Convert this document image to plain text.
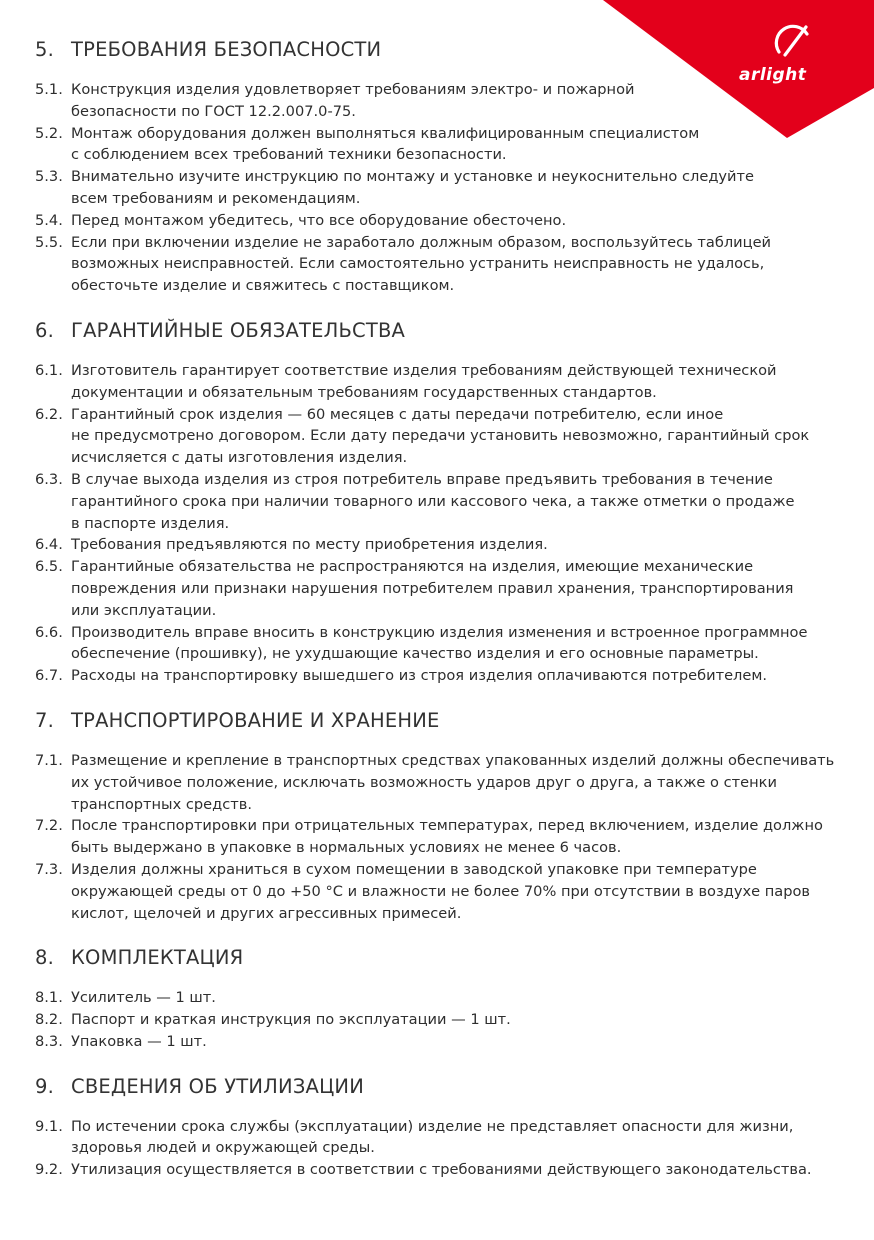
arlight
5. ТРЕБОВАНИЯ БЕЗОПАСНОСТИ
5.1. Конструкция изделия удовлетворяет требованиям электро- и пожарной
безопасности по ГОСТ 12.2.007.0-75.
5.2. Монтаж оборудования должен выполняться квалифицированным специалистом
с соблюдением всех требований техники безопасности.
5.3. Внимательно изучите инструкцию по монтажу и установке и неукоснительно следуйте
всем требованиям и рекомендациям.
5.4. Перед монтажом убедитесь, что все оборудование обесточено.
5.5. Если при включении изделие не заработало должным образом, воспользуйтесь таблицей
возможных неисправностей. Если самостоятельно устранить неисправность не удалось,
обесточьте изделие и свяжитесь с поставщиком.
6. ГАРАНТИЙНЫЕ ОБЯЗАТЕЛЬСТВА
6.1. Изготовитель гарантирует соответствие изделия требованиям действующей технической
документации и обязательным требованиям государственных стандартов.
6.2. Гарантийный срок изделия — 60 месяцев с даты передачи потребителю, если иное
не предусмотрено договором. Если дату передачи установить невозможно, гарантийный срок
исчисляется с даты изготовления изделия.
6.3. В случае выхода изделия из строя потребитель вправе предъявить требования в течение
гарантийного срока при наличии товарного или кассового чека, а также отметки о продаже
в паспорте изделия.
6.4. Требования предъявляются по месту приобретения изделия.
6.5. Гарантийные обязательства не распространяются на изделия, имеющие механические
повреждения или признаки нарушения потребителем правил хранения, транспортирования
или эксплуатации.
6.6. Производитель вправе вносить в конструкцию изделия изменения и встроенное программное
обеспечение (прошивку), не ухудшающие качество изделия и его основные параметры.
6.7. Расходы на транспортировку вышедшего из строя изделия оплачиваются потребителем.
7. ТРАНСПОРТИРОВАНИЕ И ХРАНЕНИЕ
7.1. Размещение и крепление в транспортных средствах упакованных изделий должны обеспечивать
их устойчивое положение, исключать возможность ударов друг о друга, а также о стенки
транспортных средств.
7.2. После транспортировки при отрицательных температурах, перед включением, изделие должно
быть выдержано в упаковке в нормальных условиях не менее 6 часов.
7.3. Изделия должны храниться в сухом помещении в заводской упаковке при температуре
окружающей среды от 0 до +50 °C и влажности не более 70% при отсутствии в воздухе паров
кислот, щелочей и других агрессивных примесей.
8. КОМПЛЕКТАЦИЯ
8.1. Усилитель — 1 шт.
8.2. Паспорт и краткая инструкция по эксплуатации — 1 шт.
8.3. Упаковка — 1 шт.
9. СВЕДЕНИЯ ОБ УТИЛИЗАЦИИ
9.1. По истечении срока службы (эксплуатации) изделие не представляет опасности для жизни,
здоровья людей и окружающей среды.
9.2. Утилизация осуществляется в соответствии с требованиями действующего законодательства.
